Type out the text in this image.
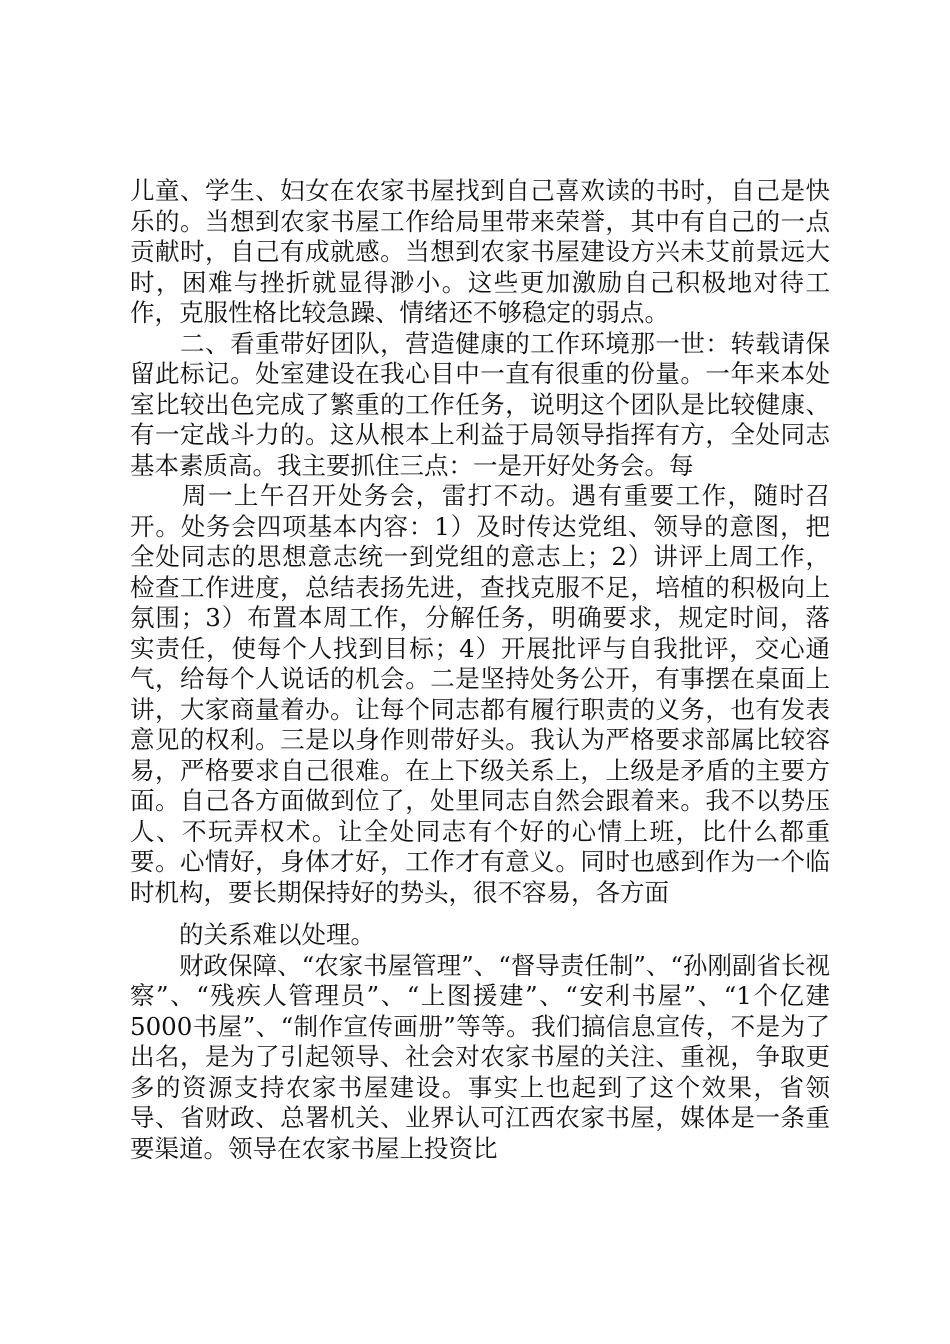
儿童、学生、妇女在农家书屋找到自己喜欢读的书时，自己是快乐的。当想到农家书屋工作给局里带来荣誉，其中有自己的一点贡献时，自己有成就感。当想到农家书屋建设方兴未艾前景远大时，困难与挫折就显得渺小。这些更加激励自己积极地对待工作，克服性格比较急躁、情绪还不够稳定的弱点。

　　二、看重带好团队，营造健康的工作环境那一世：转载请保留此标记。处室建设在我心目中一直有很重的份量。一年来本处室比较出色完成了繁重的工作任务，说明这个团队是比较健康、有一定战斗力的。这从根本上利益于局领导指挥有方，全处同志基本素质高。我主要抓住三点：一是开好处务会。每

　　周一上午召开处务会，雷打不动。遇有重要工作，随时召开。处务会四项基本内容：1）及时传达党组、领导的意图，把全处同志的思想意志统一到党组的意志上；2）讲评上周工作，检查工作进度，总结表扬先进，查找克服不足，培植的积极向上氛围；3）布置本周工作，分解任务，明确要求，规定时间，落实责任，使每个人找到目标；4）开展批评与自我批评，交心通气，给每个人说话的机会。二是坚持处务公开，有事摆在桌面上讲，大家商量着办。让每个同志都有履行职责的义务，也有发表意见的权利。三是以身作则带好头。我认为严格要求部属比较容易，严格要求自己很难。在上下级关系上，上级是矛盾的主要方面。自己各方面做到位了，处里同志自然会跟着来。我不以势压人、不玩弄权术。让全处同志有个好的心情上班，比什么都重要。心情好，身体才好，工作才有意义。同时也感到作为一个临时机构，要长期保持好的势头，很不容易，各方面

　　的关系难以处理。

　　财政保障、“农家书屋管理”、“督导责任制”、“孙刚副省长视察”、“残疾人管理员”、“上图援建”、“安利书屋”、“1个亿建5000书屋”、“制作宣传画册”等等。我们搞信息宣传，不是为了出名，是为了引起领导、社会对农家书屋的关注、重视，争取更多的资源支持农家书屋建设。事实上也起到了这个效果，省领导、省财政、总署机关、业界认可江西农家书屋，媒体是一条重要渠道。领导在农家书屋上投资比
